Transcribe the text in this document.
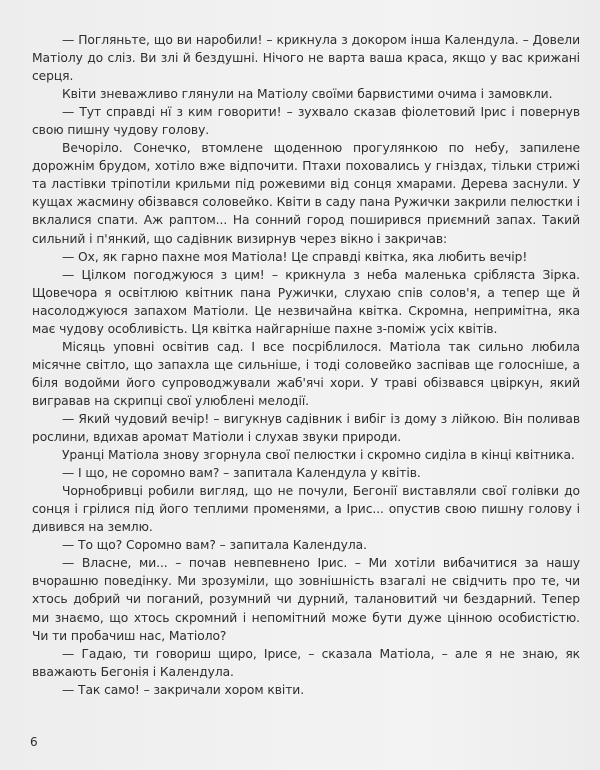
— Погляньте, що ви наробили! – крикнула з докором інша Календула. – Довели Матіолу до сліз. Ви злі й бездушні. Нічого не варта ваша краса, якщо у вас крижані серця.

Квіти зневажливо глянули на Матіолу своїми барвистими очима і замовкли.

— Тут справді нї з ким говорити! – зухвало сказав фіолетовий Ірис і повернув свою пишну чудову голову.

Вечоріло. Сонечко, втомлене щоденною прогулянкою по небу, запилене дорожнім брудом, хотіло вже відпочити. Птахи поховались у гніздах, тільки стрижі та ластівки тріпотіли крильми під рожевими від сонця хмарами. Дерева заснули. У кущах жасмину обізвався соловейко. Квіти в саду пана Ружички закрили пелюстки і вклалися спати. Аж раптом... На сонний город поширився приємний запах. Такий сильний і п'янкий, що садівник визирнув через вікно і закричав:

— Ох, як гарно пахне моя Матіола! Це справді квітка, яка любить вечір!

— Цілком погоджуюся з цим! – крикнула з неба маленька срібляста Зірка. Щовечора я освітлюю квітник пана Ружички, слухаю спів солов'я, а тепер ще й насолоджуюся запахом Матіоли. Це незвичайна квітка. Скромна, непримітна, яка має чудову особливість. Ця квітка найгарніше пахне з-поміж усіх квітів.

Місяць уповні освітив сад. І все посріблилося. Матіола так сильно любила місячне світло, що запахла ще сильніше, і тоді соловейко заспівав ще голосніше, а біля водойми його супроводжували жаб'ячі хори. У траві обізвався цвіркун, який вигравав на скрипці свої улюблені мелодії.

— Який чудовий вечір! – вигукнув садівник і вибіг із дому з лійкою. Він поливав рослини, вдихав аромат Матіоли і слухав звуки природи.

Уранці Матіола знову згорнула свої пелюстки і скромно сиділа в кінці квітника.

— І що, не соромно вам? – запитала Календула у квітів.

Чорнобривці робили вигляд, що не почули, Бегонії виставляли свої голівки до сонця і грілися під його теплими променями, а Ірис... опустив свою пишну голову і дивився на землю.

— То що? Соромно вам? – запитала Календула.

— Власне, ми... – почав невпевнено Ірис. – Ми хотіли вибачитися за нашу вчорашню поведінку. Ми зрозуміли, що зовнішність взагалі не свідчить про те, чи хтось добрий чи поганий, розумний чи дурний, талановитий чи бездарний. Тепер ми знаємо, що хтось скромний і непомітний може бути дуже цінною особистістю. Чи ти пробачиш нас, Матіоло?

— Гадаю, ти говориш щиро, Ірисе, – сказала Матіола, – але я не знаю, як вважають Бегонія і Календула.

— Так само! – закричали хором квіти.

6
